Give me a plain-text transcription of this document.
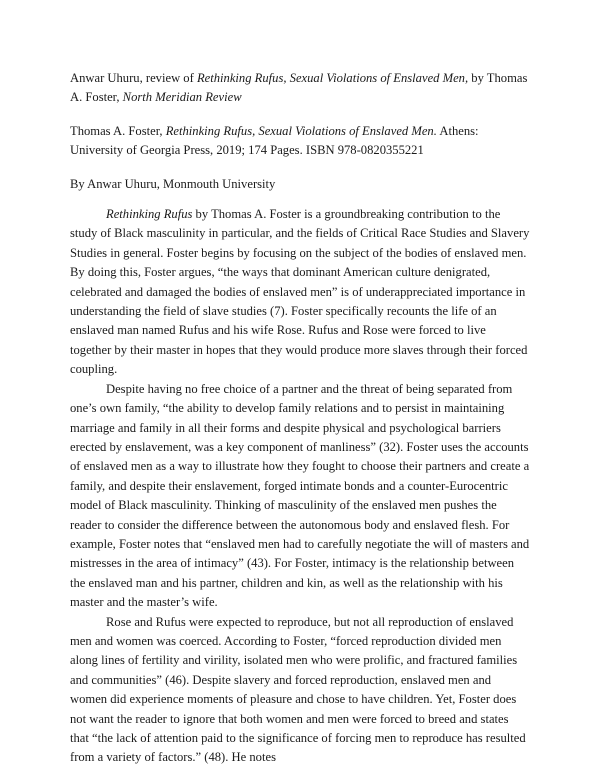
Anwar Uhuru, review of Rethinking Rufus, Sexual Violations of Enslaved Men, by Thomas A. Foster, North Meridian Review

Thomas A. Foster, Rethinking Rufus, Sexual Violations of Enslaved Men. Athens: University of Georgia Press, 2019; 174 Pages. ISBN 978-0820355221

By Anwar Uhuru, Monmouth University

Rethinking Rufus by Thomas A. Foster is a groundbreaking contribution to the study of Black masculinity in particular, and the fields of Critical Race Studies and Slavery Studies in general. Foster begins by focusing on the subject of the bodies of enslaved men. By doing this, Foster argues, “the ways that dominant American culture denigrated, celebrated and damaged the bodies of enslaved men” is of underappreciated importance in understanding the field of slave studies (7). Foster specifically recounts the life of an enslaved man named Rufus and his wife Rose. Rufus and Rose were forced to live together by their master in hopes that they would produce more slaves through their forced coupling.

Despite having no free choice of a partner and the threat of being separated from one’s own family, “the ability to develop family relations and to persist in maintaining marriage and family in all their forms and despite physical and psychological barriers erected by enslavement, was a key component of manliness” (32). Foster uses the accounts of enslaved men as a way to illustrate how they fought to choose their partners and create a family, and despite their enslavement, forged intimate bonds and a counter-Eurocentric model of Black masculinity. Thinking of masculinity of the enslaved men pushes the reader to consider the difference between the autonomous body and enslaved flesh. For example, Foster notes that “enslaved men had to carefully negotiate the will of masters and mistresses in the area of intimacy” (43). For Foster, intimacy is the relationship between the enslaved man and his partner, children and kin, as well as the relationship with his master and the master’s wife.

Rose and Rufus were expected to reproduce, but not all reproduction of enslaved men and women was coerced. According to Foster, “forced reproduction divided men along lines of fertility and virility, isolated men who were prolific, and fractured families and communities” (46). Despite slavery and forced reproduction, enslaved men and women did experience moments of pleasure and chose to have children. Yet, Foster does not want the reader to ignore that both women and men were forced to breed and states that “the lack of attention paid to the significance of forcing men to reproduce has resulted from a variety of factors.” (48). He notes
